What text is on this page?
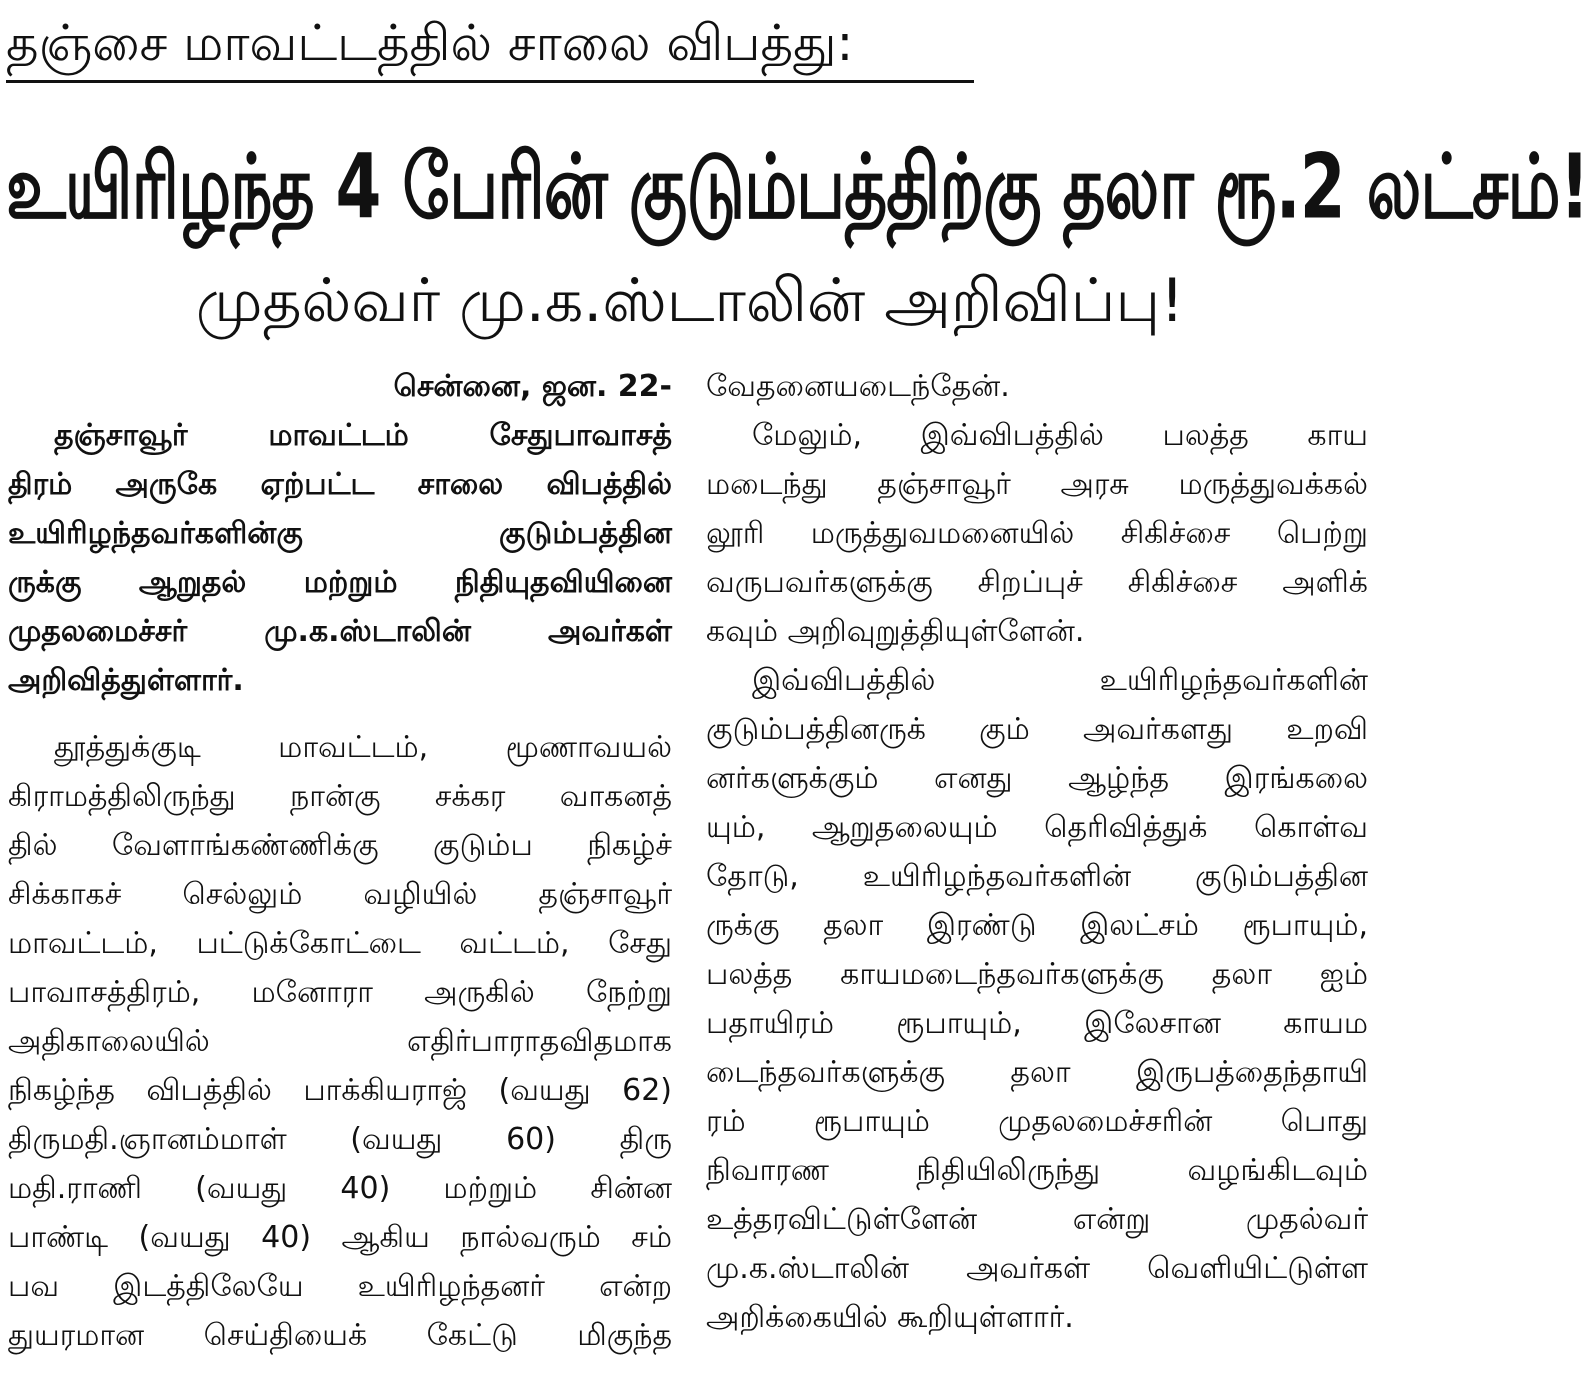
தஞ்சை மாவட்டத்தில் சாலை விபத்து:
உயிரிழந்த 4 பேரின் குடும்பத்திற்கு தலா ரூ.2 லட்சம்!
முதல்வர் மு.க.ஸ்டாலின் அறிவிப்பு!
சென்னை, ஜன. 22-
தஞ்சாவூர் மாவட்டம் சேதுபாவாசத்
திரம் அருகே ஏற்பட்ட சாலை விபத்தில்
உயிரிழந்தவர்களின்கு குடும்பத்தின
ருக்கு ஆறுதல் மற்றும் நிதியுதவியினை
முதலமைச்சர் மு.க.ஸ்டாலின் அவர்கள்
அறிவித்துள்ளார்.
தூத்துக்குடி மாவட்டம், மூணாவயல்
கிராமத்திலிருந்து நான்கு சக்கர வாகனத்
தில் வேளாங்கண்ணிக்கு குடும்ப நிகழ்ச்
சிக்காகச் செல்லும் வழியில் தஞ்சாவூர்
மாவட்டம், பட்டுக்கோட்டை வட்டம், சேது
பாவாசத்திரம், மனோரா அருகில் நேற்று
அதிகாலையில் எதிர்பாராதவிதமாக
நிகழ்ந்த விபத்தில் பாக்கியராஜ் (வயது 62)
திருமதி.ஞானம்மாள் (வயது 60) திரு
மதி.ராணி (வயது 40) மற்றும் சின்ன
பாண்டி (வயது 40) ஆகிய நால்வரும் சம்
பவ இடத்திலேயே உயிரிழந்தனர் என்ற
துயரமான செய்தியைக் கேட்டு மிகுந்த
வேதனையடைந்தேன்.
மேலும், இவ்விபத்தில் பலத்த காய
மடைந்து தஞ்சாவூர் அரசு மருத்துவக்கல்
லூரி மருத்துவமனையில் சிகிச்சை பெற்று
வருபவர்களுக்கு சிறப்புச் சிகிச்சை அளிக்
கவும் அறிவுறுத்தியுள்ளேன்.
இவ்விபத்தில் உயிரிழந்தவர்களின்
குடும்பத்தினருக் கும் அவர்களது உறவி
னர்களுக்கும் எனது ஆழ்ந்த இரங்கலை
யும், ஆறுதலையும் தெரிவித்துக் கொள்வ
தோடு, உயிரிழந்தவர்களின் குடும்பத்தின
ருக்கு தலா இரண்டு இலட்சம் ரூபாயும்,
பலத்த காயமடைந்தவர்களுக்கு தலா ஐம்
பதாயிரம் ரூபாயும், இலேசான காயம
டைந்தவர்களுக்கு தலா இருபத்தைந்தாயி
ரம் ரூபாயும் முதலமைச்சரின் பொது
நிவாரண நிதியிலிருந்து வழங்கிடவும்
உத்தரவிட்டுள்ளேன் என்று முதல்வர்
மு.க.ஸ்டாலின் அவர்கள் வெளியிட்டுள்ள
அறிக்கையில் கூறியுள்ளார்.
